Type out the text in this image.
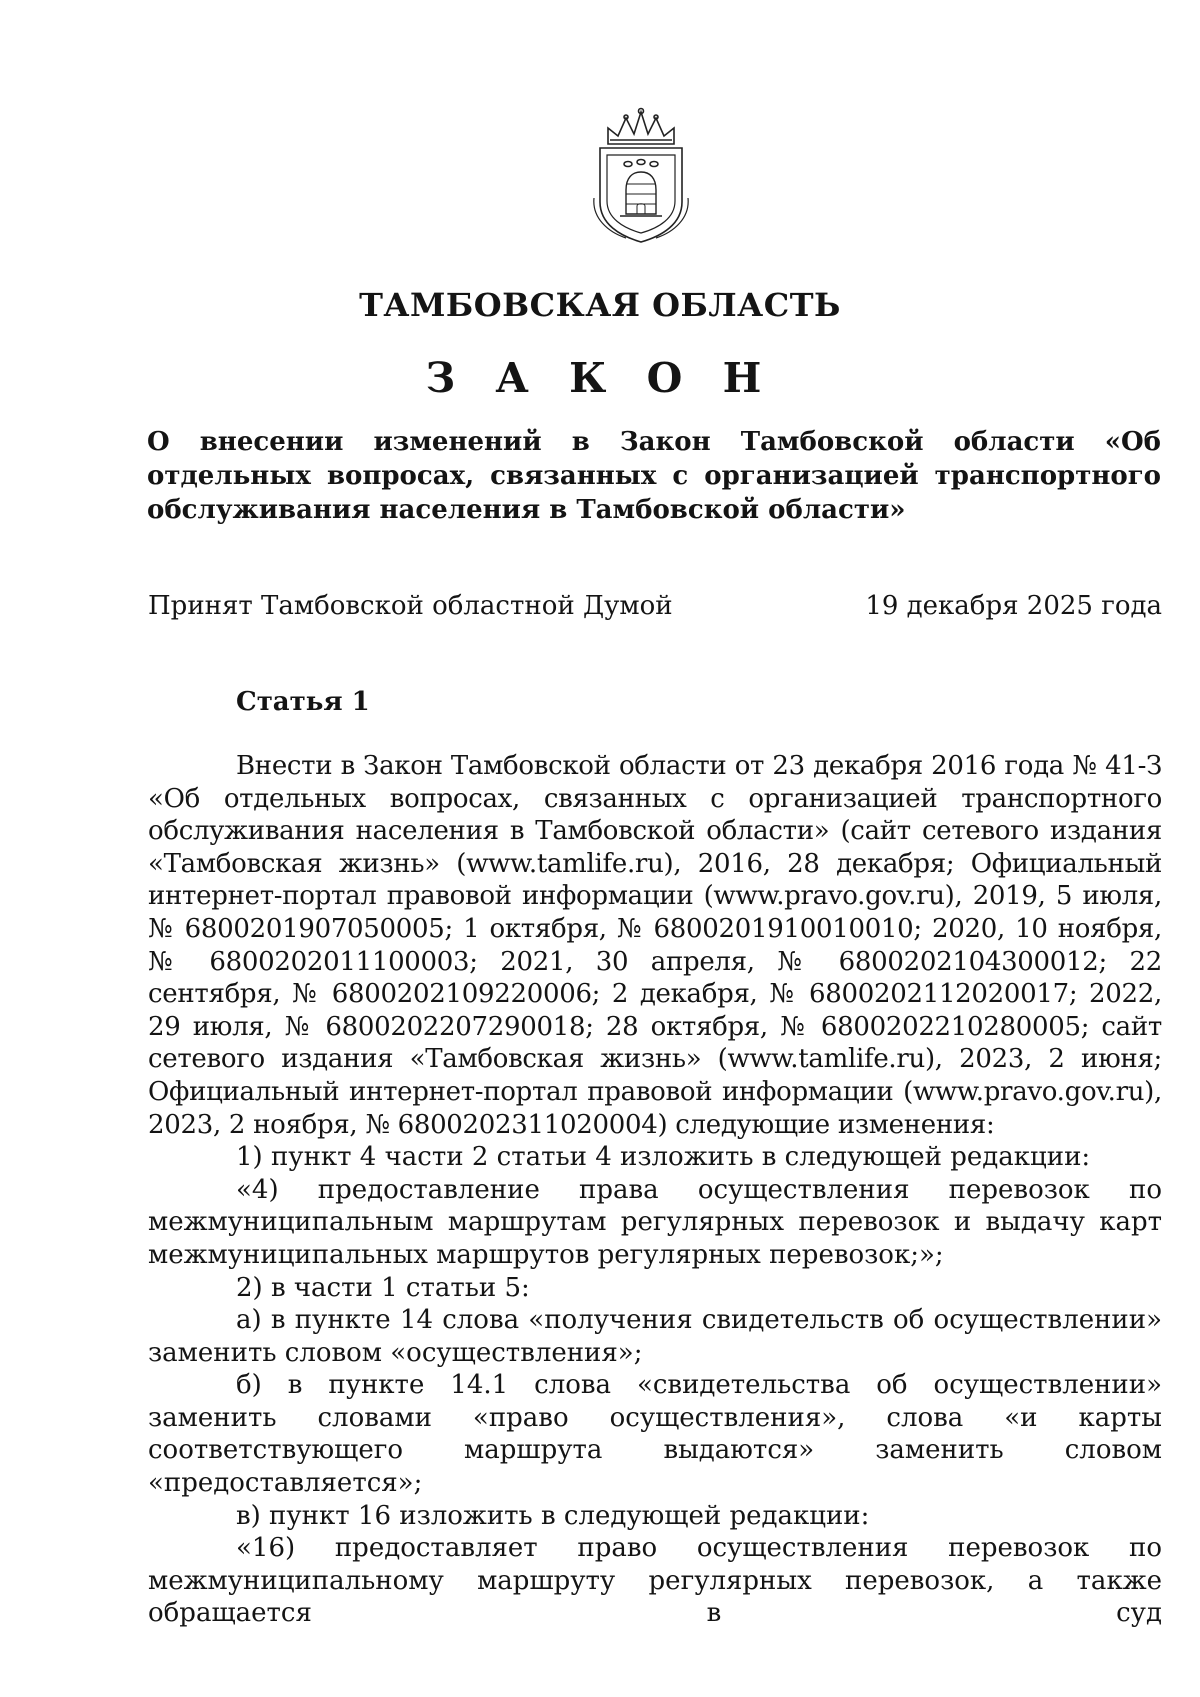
ТАМБОВСКАЯ ОБЛАСТЬ
З А К О Н
О внесении изменений в Закон Тамбовской области «Об отдельных вопросах, связанных с организацией транспортного обслуживания населения в Тамбовской области»
Принят Тамбовской областной Думой	19 декабря 2025 года
Статья 1

Внести в Закон Тамбовской области от 23 декабря 2016 года № 41-З «Об отдельных вопросах, связанных с организацией транспортного обслуживания населения в Тамбовской области» (сайт сетевого издания «Тамбовская жизнь» (www.tamlife.ru), 2016, 28 декабря; Официальный интернет-портал правовой информации (www.pravo.gov.ru), 2019, 5 июля, № 6800201907050005; 1 октября, № 6800201910010010; 2020, 10 ноября, № 6800202011100003; 2021, 30 апреля, № 6800202104300012; 22 сентября, № 6800202109220006; 2 декабря, № 6800202112020017; 2022, 29 июля, № 6800202207290018; 28 октября, № 6800202210280005; сайт сетевого издания «Тамбовская жизнь» (www.tamlife.ru), 2023, 2 июня; Официальный интернет-портал правовой информации (www.pravo.gov.ru), 2023, 2 ноября, № 6800202311020004) следующие изменения:

1) пункт 4 части 2 статьи 4 изложить в следующей редакции:

«4) предоставление права осуществления перевозок по межмуниципальным маршрутам регулярных перевозок и выдачу карт межмуниципальных маршрутов регулярных перевозок;»;

2) в части 1 статьи 5:

а) в пункте 14 слова «получения свидетельств об осуществлении» заменить словом «осуществления»;

б) в пункте 14.1 слова «свидетельства об осуществлении» заменить словами «право осуществления», слова «и карты соответствующего маршрута выдаются» заменить словом «предоставляется»;

в) пункт 16 изложить в следующей редакции:

«16) предоставляет право осуществления перевозок по межмуниципальному маршруту регулярных перевозок, а также обращается в суд
